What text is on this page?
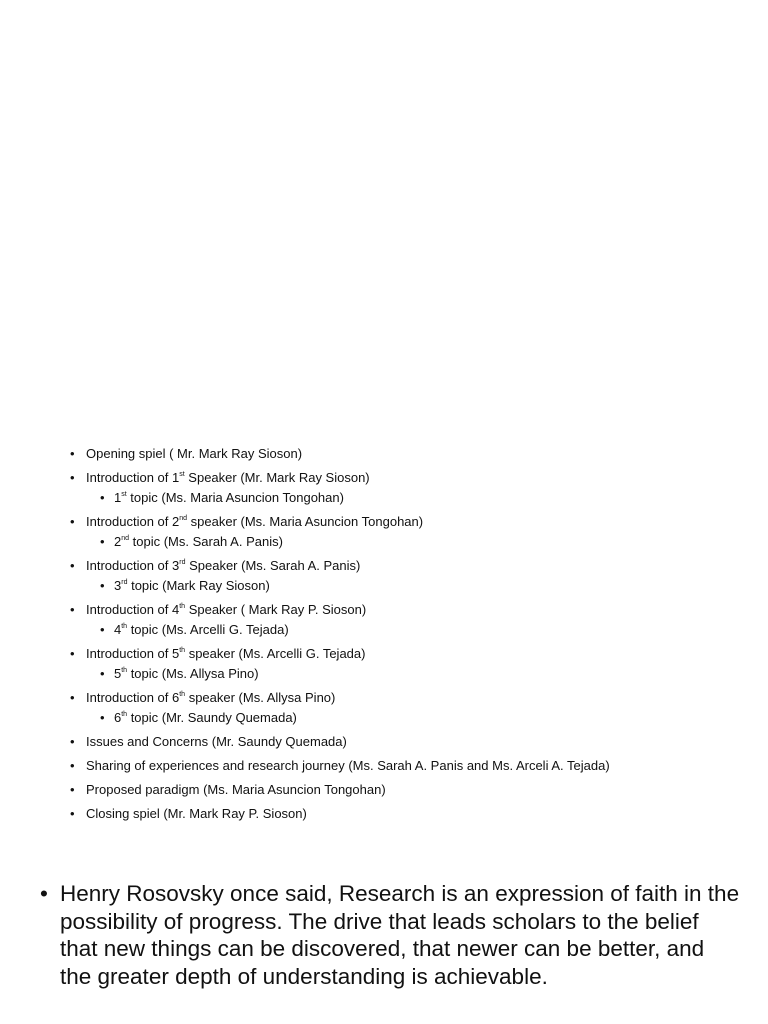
• Opening spiel ( Mr. Mark Ray Sioson)
• Introduction of 1st Speaker (Mr. Mark Ray Sioson)
• 1st topic (Ms. Maria Asuncion Tongohan)
• Introduction of 2nd speaker (Ms. Maria Asuncion Tongohan)
• 2nd topic (Ms. Sarah A. Panis)
• Introduction of 3rd Speaker (Ms. Sarah A. Panis)
• 3rd topic (Mark Ray Sioson)
• Introduction of 4th Speaker ( Mark Ray P. Sioson)
• 4th topic (Ms. Arcelli G. Tejada)
• Introduction of 5th speaker (Ms. Arcelli G. Tejada)
• 5th topic (Ms. Allysa Pino)
• Introduction of 6th speaker (Ms. Allysa Pino)
• 6th topic (Mr. Saundy Quemada)
• Issues and Concerns (Mr. Saundy Quemada)
• Sharing of experiences and research journey (Ms. Sarah A. Panis and Ms. Arceli A. Tejada)
• Proposed paradigm (Ms. Maria Asuncion Tongohan)
• Closing spiel (Mr. Mark Ray P. Sioson)

• Henry Rosovsky once said, Research is an expression of faith in the possibility of progress. The drive that leads scholars to the belief that new things can be discovered, that newer can be better, and the greater depth of understanding is achievable.
